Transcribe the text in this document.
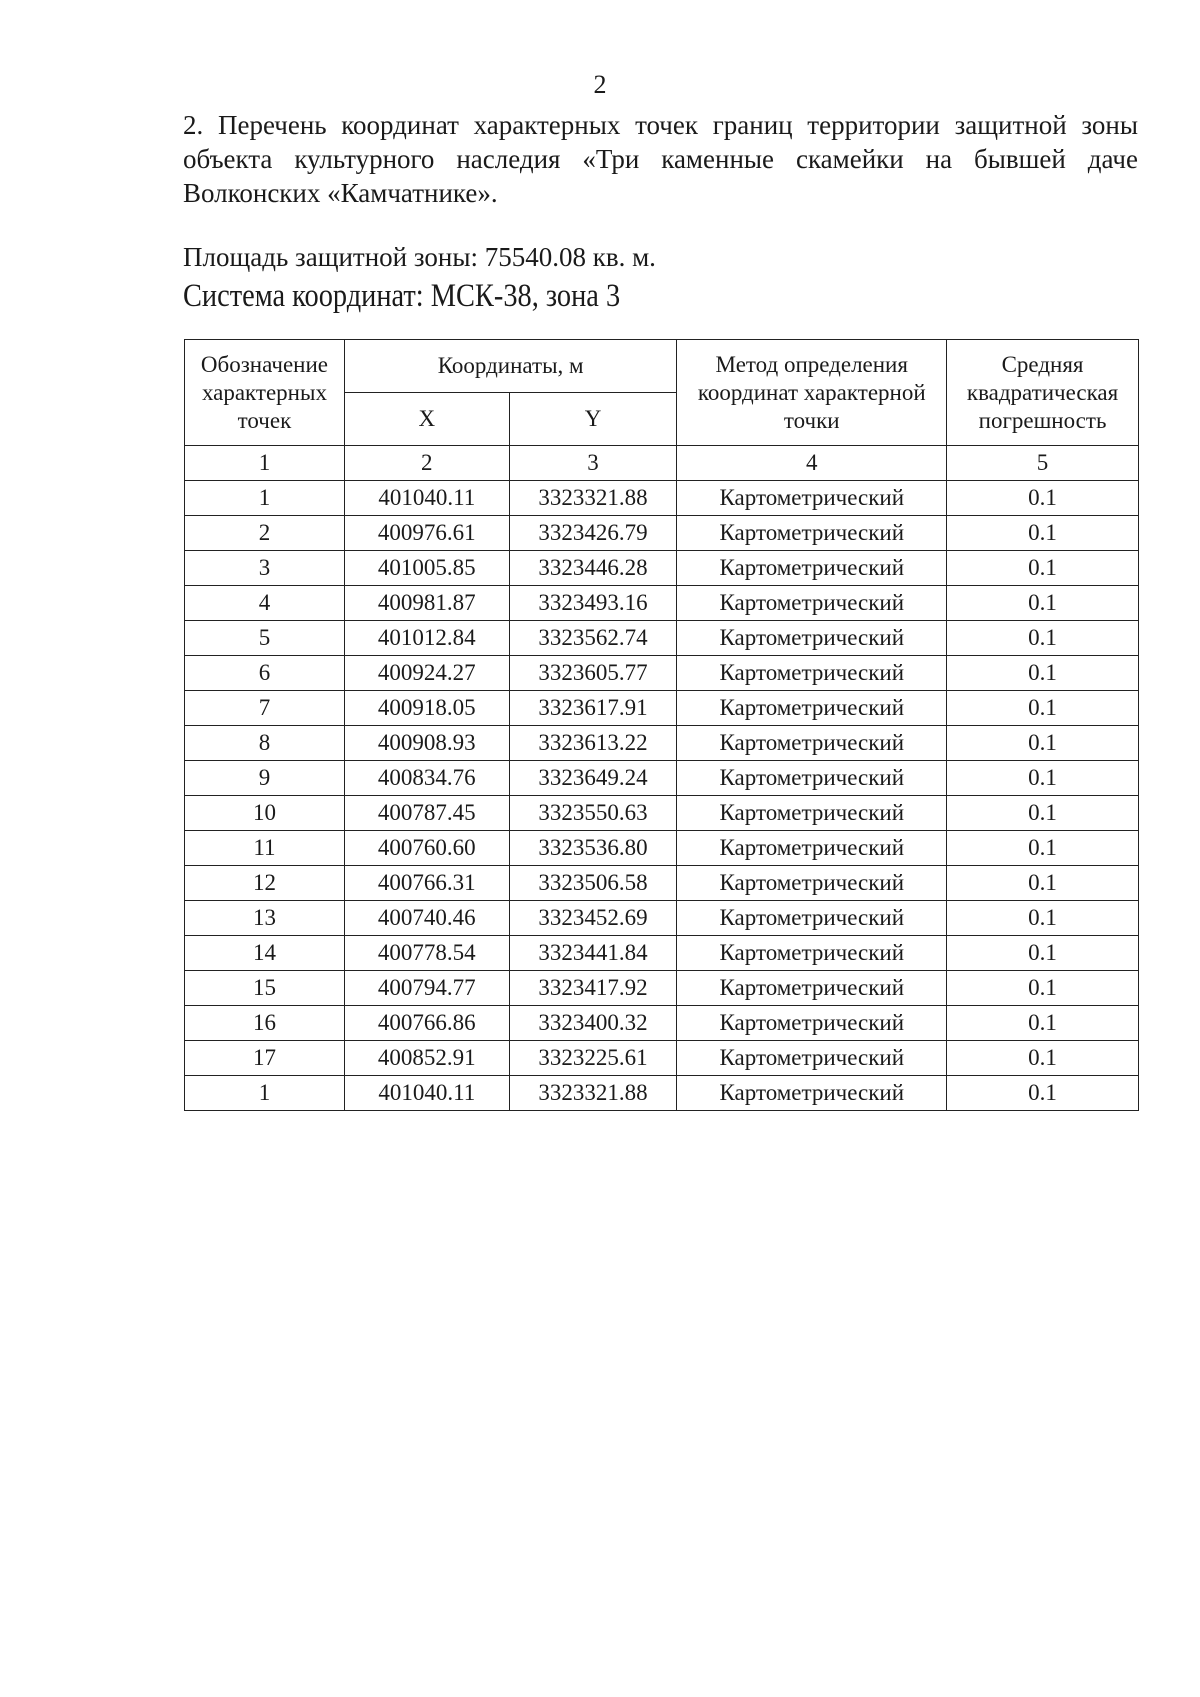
2
2. Перечень координат характерных точек границ территории защитной зоны объекта культурного наследия «Три каменные скамейки на бывшей даче Волконских «Камчатнике».
Площадь защитной зоны: 75540.08 кв. м.
Система координат: МСК-38, зона 3
Обозначение характерных точек	Координаты, м		Метод определения координат характерной точки	Средняя квадратическая погрешность
	X	Y		
1	2	3	4	5
1	401040.11	3323321.88	Картометрический	0.1
2	400976.61	3323426.79	Картометрический	0.1
3	401005.85	3323446.28	Картометрический	0.1
4	400981.87	3323493.16	Картометрический	0.1
5	401012.84	3323562.74	Картометрический	0.1
6	400924.27	3323605.77	Картометрический	0.1
7	400918.05	3323617.91	Картометрический	0.1
8	400908.93	3323613.22	Картометрический	0.1
9	400834.76	3323649.24	Картометрический	0.1
10	400787.45	3323550.63	Картометрический	0.1
11	400760.60	3323536.80	Картометрический	0.1
12	400766.31	3323506.58	Картометрический	0.1
13	400740.46	3323452.69	Картометрический	0.1
14	400778.54	3323441.84	Картометрический	0.1
15	400794.77	3323417.92	Картометрический	0.1
16	400766.86	3323400.32	Картометрический	0.1
17	400852.91	3323225.61	Картометрический	0.1
1	401040.11	3323321.88	Картометрический	0.1
